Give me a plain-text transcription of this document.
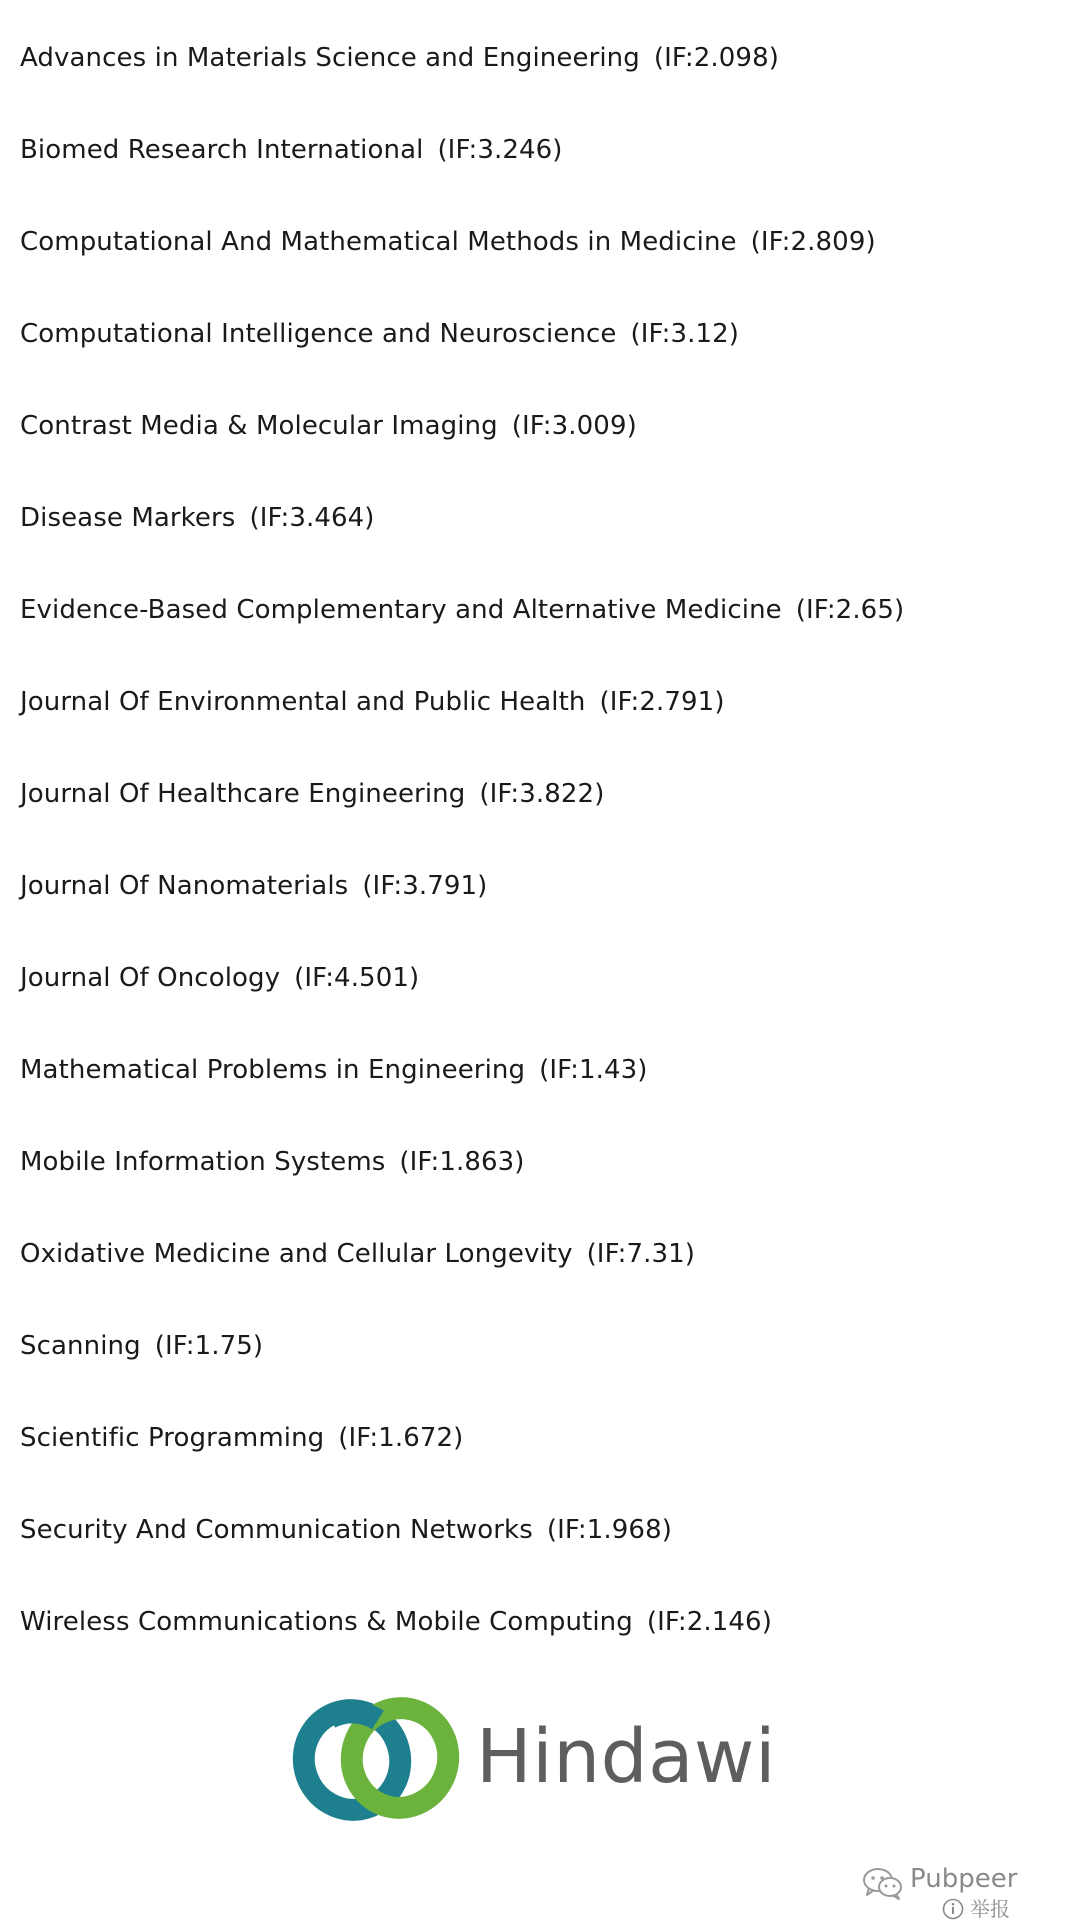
Advances in Materials Science and Engineering (IF:2.098)
Biomed Research International (IF:3.246)
Computational And Mathematical Methods in Medicine (IF:2.809)
Computational Intelligence and Neuroscience (IF:3.12)
Contrast Media & Molecular Imaging (IF:3.009)
Disease Markers (IF:3.464)
Evidence-Based Complementary and Alternative Medicine (IF:2.65)
Journal Of Environmental and Public Health (IF:2.791)
Journal Of Healthcare Engineering (IF:3.822)
Journal Of Nanomaterials (IF:3.791)
Journal Of Oncology (IF:4.501)
Mathematical Problems in Engineering (IF:1.43)
Mobile Information Systems (IF:1.863)
Oxidative Medicine and Cellular Longevity (IF:7.31)
Scanning (IF:1.75)
Scientific Programming (IF:1.672)
Security And Communication Networks (IF:1.968)
Wireless Communications & Mobile Computing (IF:2.146)
Hindawi
Pubpeer
举报
